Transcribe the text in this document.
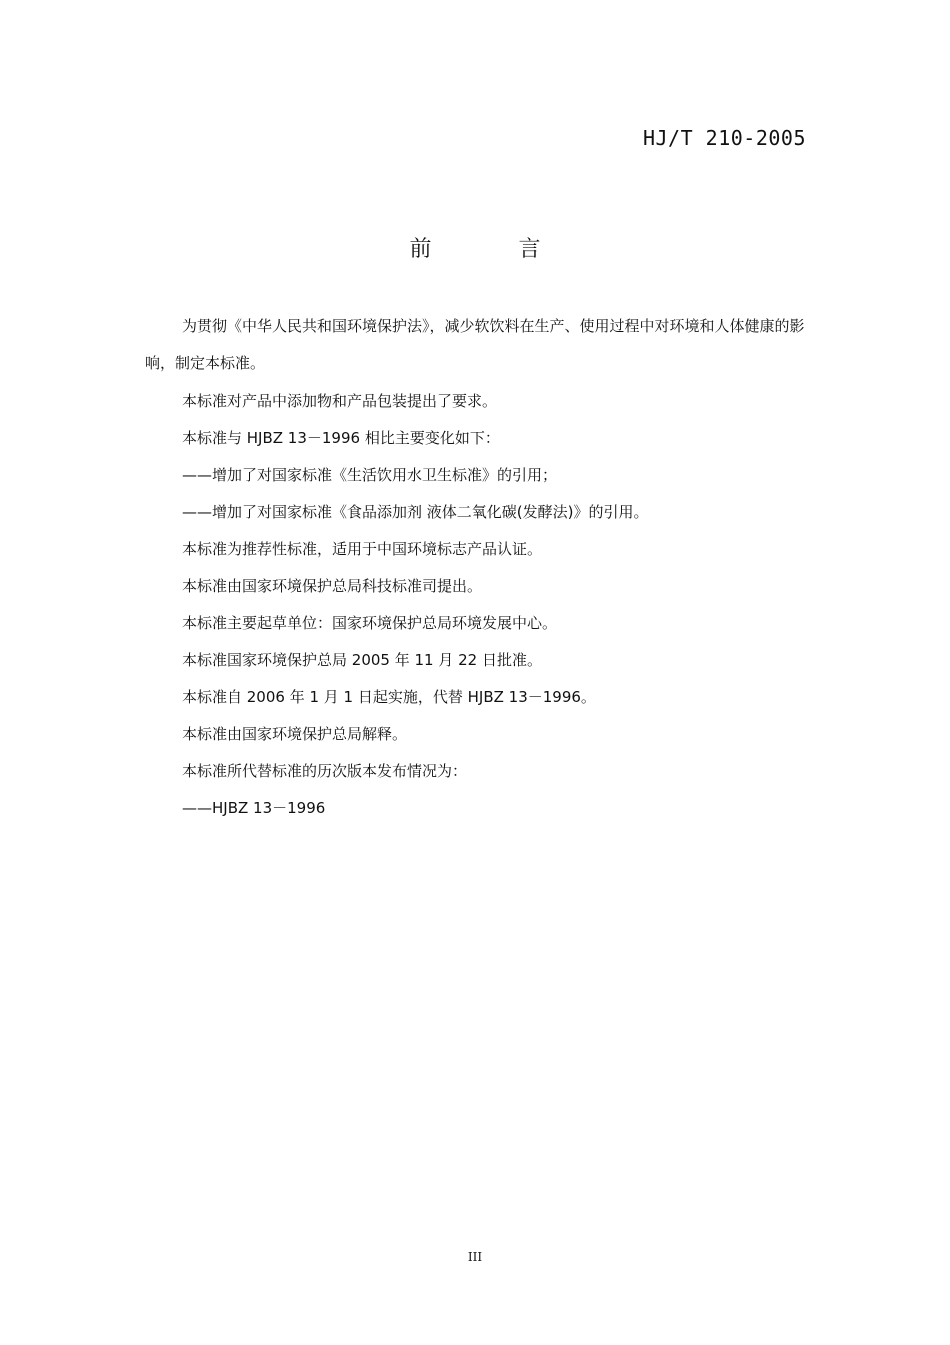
HJ/T 210-2005
前 言

为贯彻《中华人民共和国环境保护法》，减少软饮料在生产、使用过程中对环境和人体健康的影响，制定本标准。

本标准对产品中添加物和产品包装提出了要求。

本标准与 HJBZ 13－1996 相比主要变化如下：

——增加了对国家标准《生活饮用水卫生标准》的引用；

——增加了对国家标准《食品添加剂 液体二氧化碳(发酵法)》的引用。

本标准为推荐性标准，适用于中国环境标志产品认证。

本标准由国家环境保护总局科技标准司提出。

本标准主要起草单位：国家环境保护总局环境发展中心。

本标准国家环境保护总局 2005 年 11 月 22 日批准。

本标准自 2006 年 1 月 1 日起实施，代替 HJBZ 13－1996。

本标准由国家环境保护总局解释。

本标准所代替标准的历次版本发布情况为：

——HJBZ 13－1996

III
